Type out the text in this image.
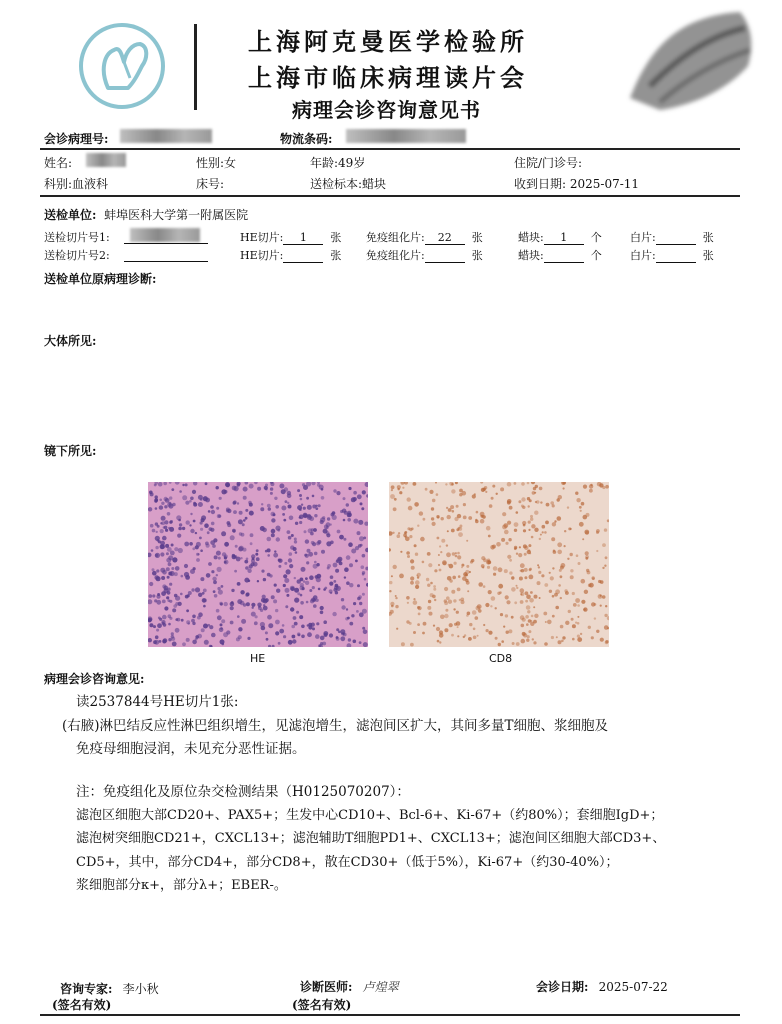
上海阿克曼医学检验所
上海市临床病理读片会
病理会诊咨询意见书
会诊病理号:	物流条码:
姓名:	性别:女	年龄:49岁	住院/门诊号:
科别:血液科	床号:	送检标本:蜡块	收到日期: 2025-07-11
送检单位: 蚌埠医科大学第一附属医院
送检切片号1:	HE切片: 1 张 免疫组化片: 22 张	蜡块: 1 个	白片:	张
送检切片号2:	HE切片:	张 免疫组化片:	张	蜡块:	个	白片:	张
送检单位原病理诊断:
大体所见:
镜下所见:
HE	CD8
病理会诊咨询意见:
读2537844号HE切片1张:
(右腋)淋巴结反应性淋巴组织增生，见滤泡增生，滤泡间区扩大，其间多量T细胞、浆细胞及
免疫母细胞浸润，未见充分恶性证据。
注：免疫组化及原位杂交检测结果（H0125070207）：
滤泡区细胞大部CD20+、PAX5+；生发中心CD10+、Bcl-6+、Ki-67+（约80%）；套细胞IgD+；
滤泡树突细胞CD21+，CXCL13+；滤泡辅助T细胞PD1+、CXCL13+；滤泡间区细胞大部CD3+、
CD5+，其中，部分CD4+，部分CD8+，散在CD30+（低于5%），Ki-67+（约30-40%）；
浆细胞部分κ+，部分λ+；EBER-。
咨询专家: 李小秋
(签名有效)
诊断医师: 卢煌翠
(签名有效)
会诊日期: 2025-07-22
